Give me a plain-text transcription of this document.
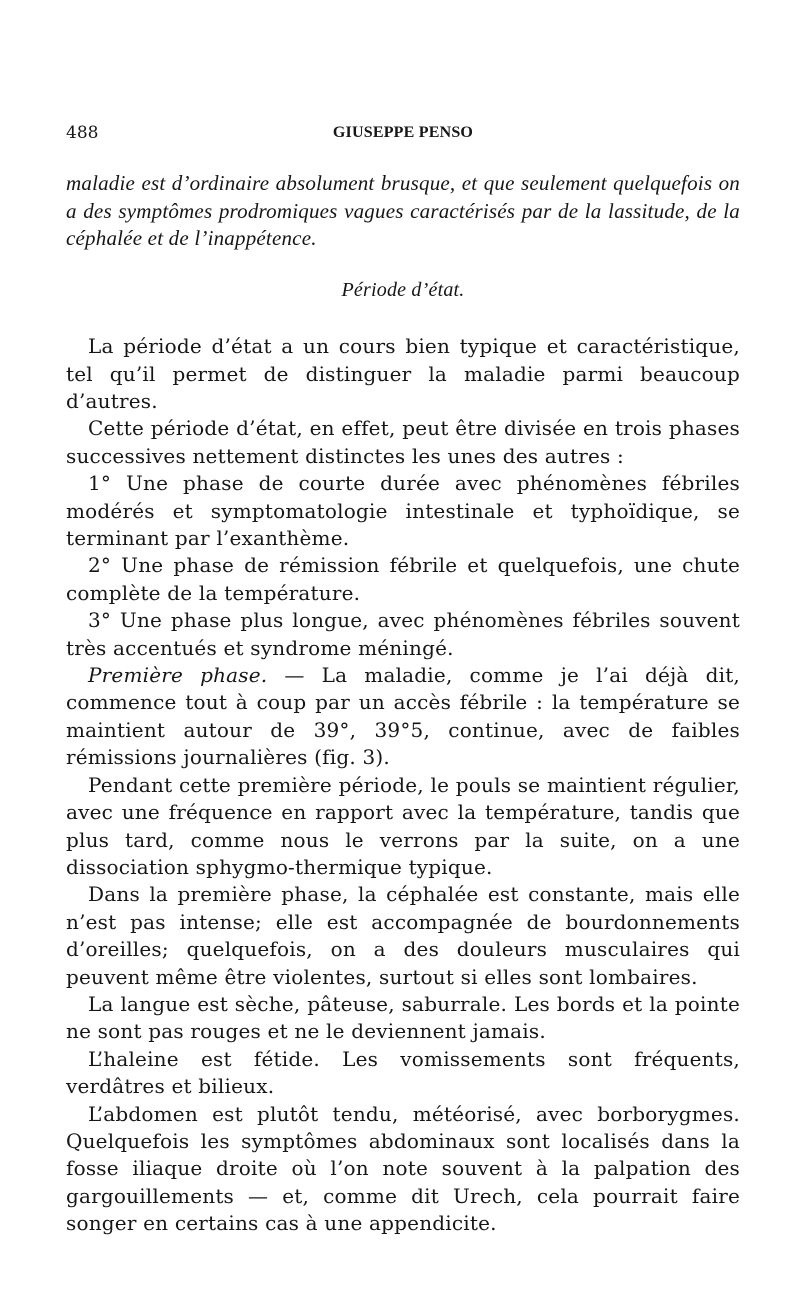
488	GIUSEPPE PENSO

maladie est d’ordinaire absolument brusque, et que seulement quelquefois on a des symptômes prodromiques vagues caractérisés par de la lassitude, de la céphalée et de l’inappétence.

Période d’état.

La période d’état a un cours bien typique et caractéristique, tel qu’il permet de distinguer la maladie parmi beaucoup d’autres.

Cette période d’état, en effet, peut être divisée en trois phases successives nettement distinctes les unes des autres :

1° Une phase de courte durée avec phénomènes fébriles modérés et symptomatologie intestinale et typhoïdique, se terminant par l’exanthème.

2° Une phase de rémission fébrile et quelquefois, une chute complète de la température.

3° Une phase plus longue, avec phénomènes fébriles souvent très accentués et syndrome méningé.

Première phase. — La maladie, comme je l’ai déjà dit, commence tout à coup par un accès fébrile : la température se maintient autour de 39°, 39°5, continue, avec de faibles rémissions journalières (fig. 3).

Pendant cette première période, le pouls se maintient régulier, avec une fréquence en rapport avec la température, tandis que plus tard, comme nous le verrons par la suite, on a une dissociation sphygmo-thermique typique.

Dans la première phase, la céphalée est constante, mais elle n’est pas intense; elle est accompagnée de bourdonnements d’oreilles; quelquefois, on a des douleurs musculaires qui peuvent même être violentes, surtout si elles sont lombaires.

La langue est sèche, pâteuse, saburrale. Les bords et la pointe ne sont pas rouges et ne le deviennent jamais.

L’haleine est fétide. Les vomissements sont fréquents, verdâtres et bilieux.

L’abdomen est plutôt tendu, météorisé, avec borborygmes. Quelquefois les symptômes abdominaux sont localisés dans la fosse iliaque droite où l’on note souvent à la palpation des gargouillements — et, comme dit Urech, cela pourrait faire songer en certains cas à une appendicite.
